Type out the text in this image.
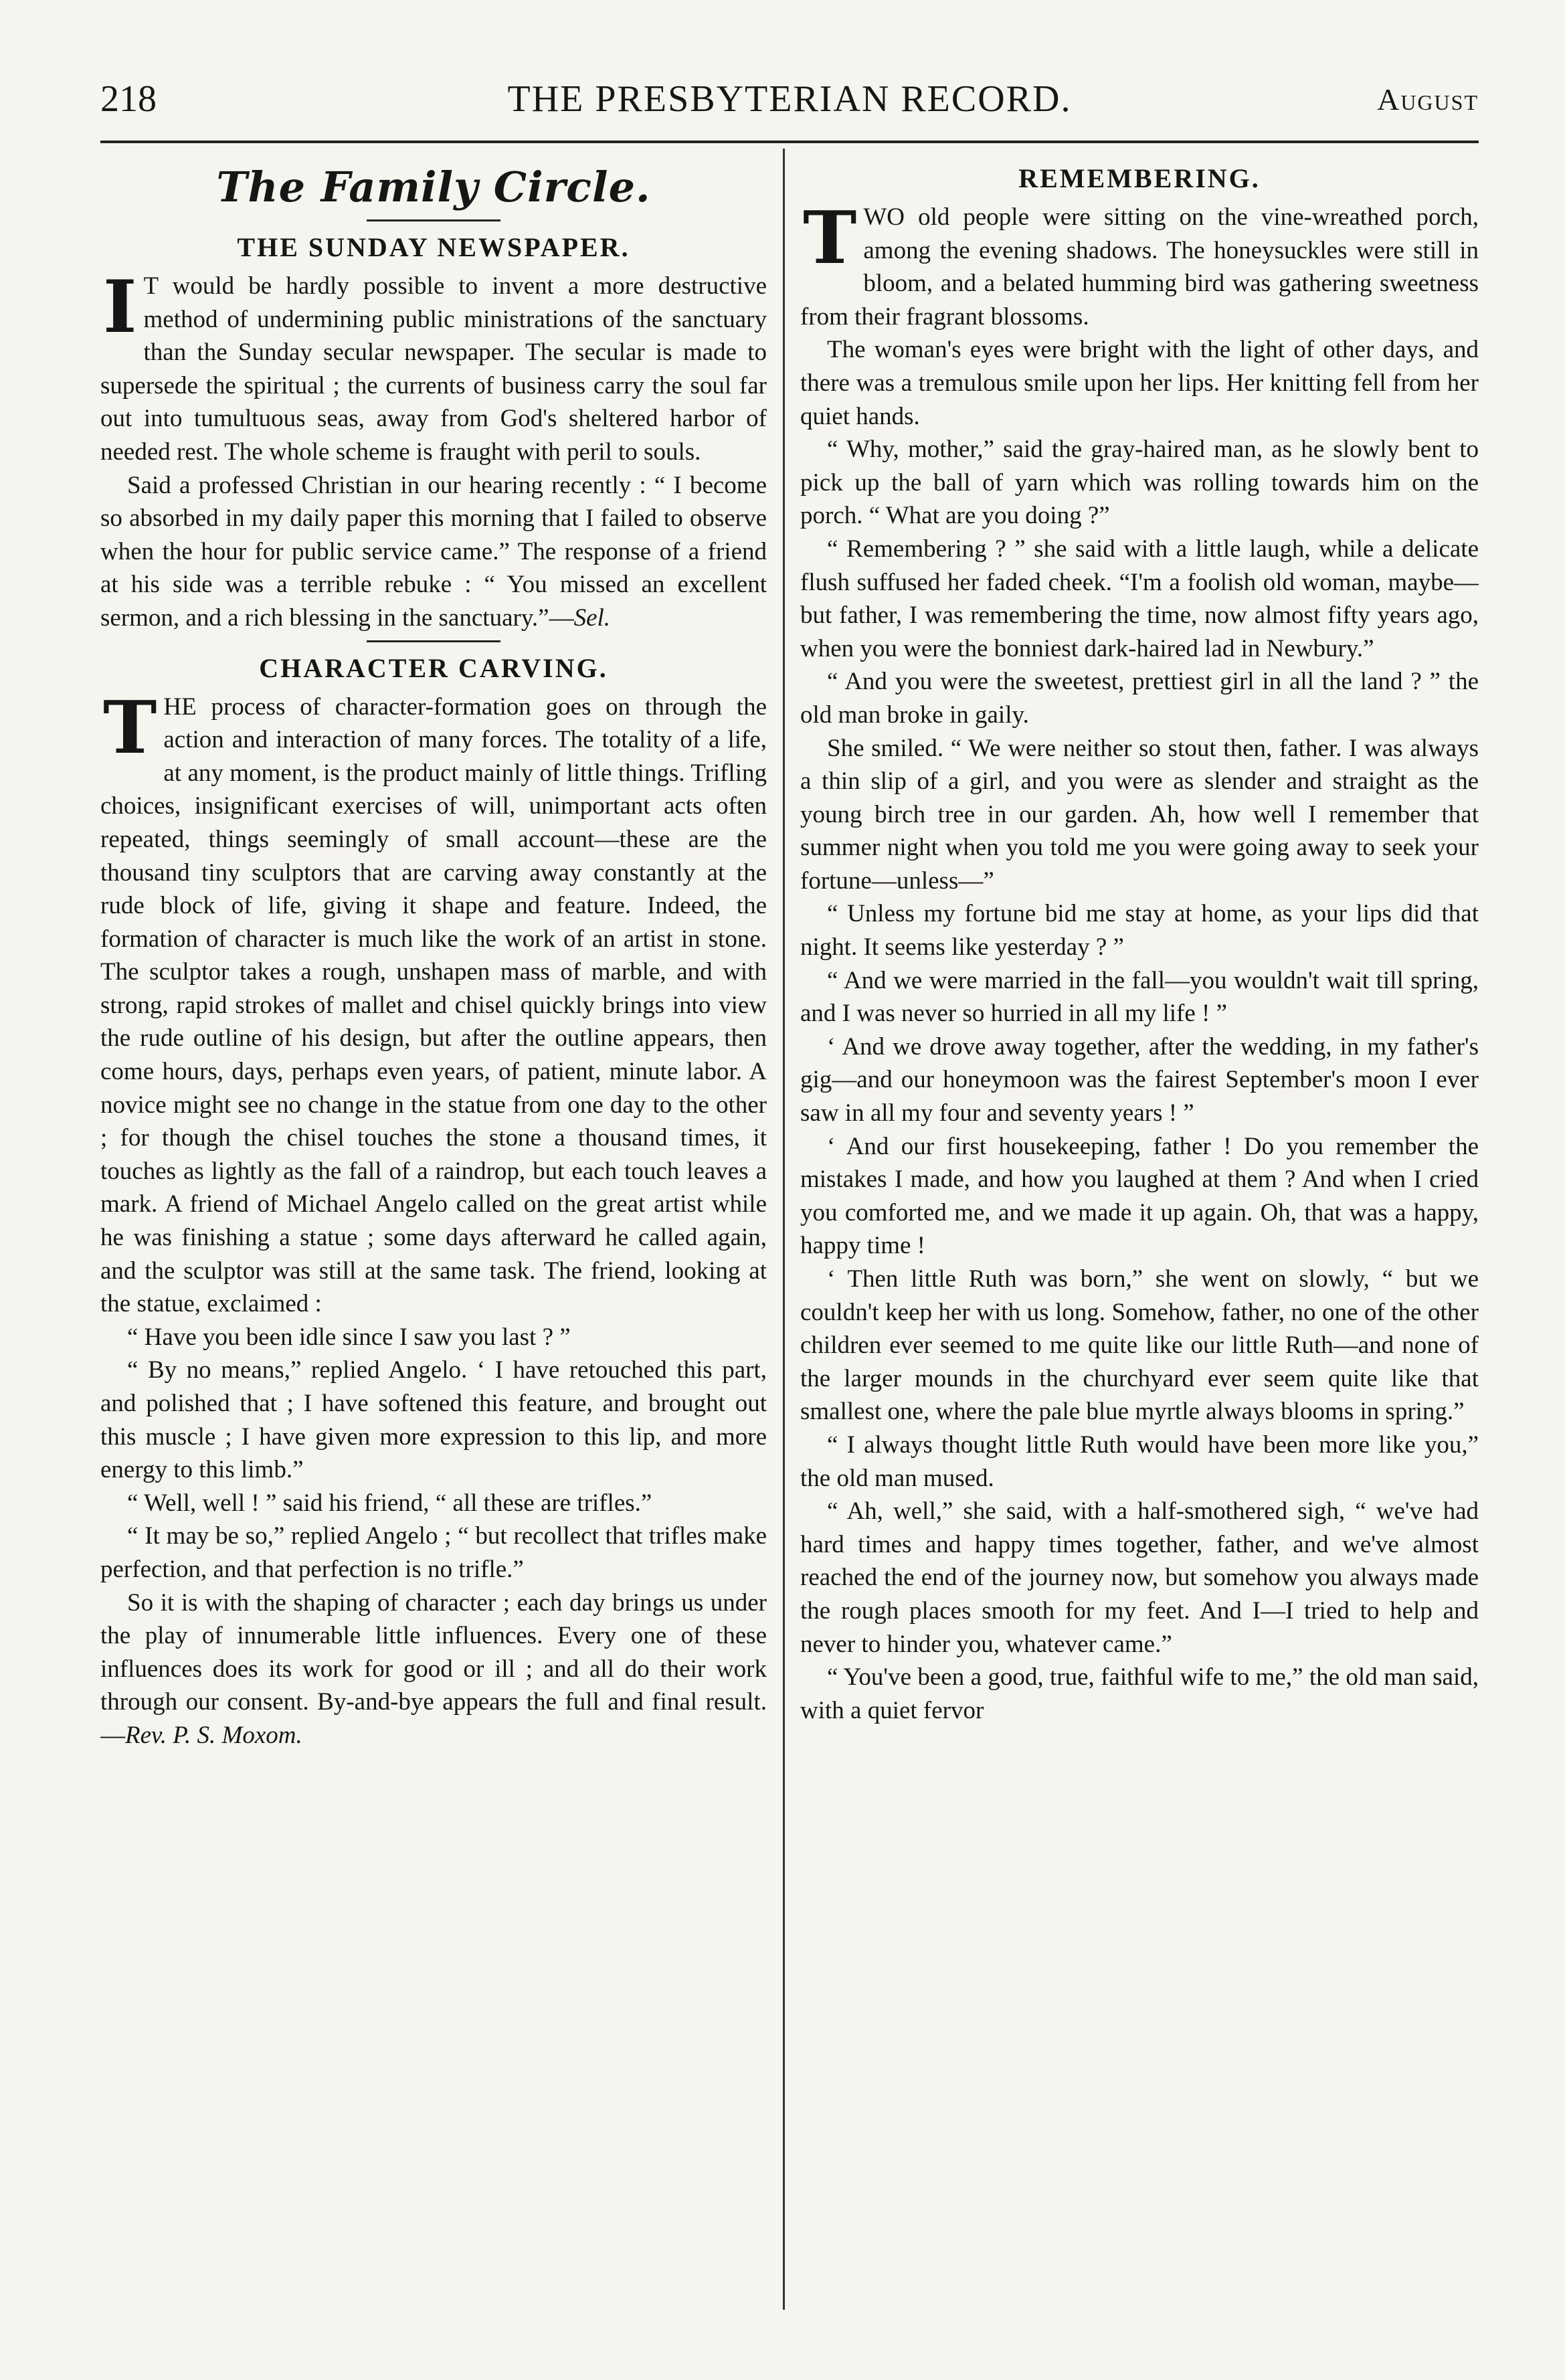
218	THE PRESBYTERIAN RECORD.	August
The Family Circle.
THE SUNDAY NEWSPAPER.

I T would be hardly possible to invent a more destructive method of undermining public ministrations of the sanctuary than the Sunday secular newspaper. The secular is made to supersede the spiritual ; the currents of business carry the soul far out into tumultuous seas, away from God's sheltered harbor of needed rest. The whole scheme is fraught with peril to souls.

Said a professed Christian in our hearing recently : “ I become so absorbed in my daily paper this morning that I failed to observe when the hour for public service came.” The response of a friend at his side was a terrible rebuke : “ You missed an excellent sermon, and a rich blessing in the sanctuary.”—Sel.

CHARACTER CARVING.

THE process of character-formation goes on through the action and interaction of many forces. The totality of a life, at any moment, is the product mainly of little things. Trifling choices, insignificant exercises of will, unimportant acts often repeated, things seemingly of small account—these are the thousand tiny sculptors that are carving away constantly at the rude block of life, giving it shape and feature. Indeed, the formation of character is much like the work of an artist in stone. The sculptor takes a rough, unshapen mass of marble, and with strong, rapid strokes of mallet and chisel quickly brings into view the rude outline of his design, but after the outline appears, then come hours, days, perhaps even years, of patient, minute labor. A novice might see no change in the statue from one day to the other ; for though the chisel touches the stone a thousand times, it touches as lightly as the fall of a raindrop, but each touch leaves a mark. A friend of Michael Angelo called on the great artist while he was finishing a statue ; some days afterward he called again, and the sculptor was still at the same task. The friend, looking at the statue, exclaimed :

“ Have you been idle since I saw you last ? ”

“ By no means,” replied Angelo. ‘ I have retouched this part, and polished that ; I have softened this feature, and brought out this muscle ; I have given more expression to this lip, and more energy to this limb.”

“ Well, well ! ” said his friend, “ all these are trifles.”

“ It may be so,” replied Angelo ; “ but recollect that trifles make perfection, and that perfection is no trifle.”

So it is with the shaping of character ; each day brings us under the play of innumerable little influences. Every one of these influences does its work for good or ill ; and all do their work through our consent. By-and-bye appears the full and final result.—Rev. P. S. Moxom.

REMEMBERING.

TWO old people were sitting on the vine-wreathed porch, among the evening shadows. The honeysuckles were still in bloom, and a belated humming bird was gathering sweetness from their fragrant blossoms.

The woman's eyes were bright with the light of other days, and there was a tremulous smile upon her lips. Her knitting fell from her quiet hands.

“ Why, mother,” said the gray-haired man, as he slowly bent to pick up the ball of yarn which was rolling towards him on the porch. “ What are you doing ?”

“ Remembering ? ” she said with a little laugh, while a delicate flush suffused her faded cheek. “I'm a foolish old woman, maybe—but father, I was remembering the time, now almost fifty years ago, when you were the bonniest dark-haired lad in Newbury.”

“ And you were the sweetest, prettiest girl in all the land ? ” the old man broke in gaily.

She smiled. “ We were neither so stout then, father. I was always a thin slip of a girl, and you were as slender and straight as the young birch tree in our garden. Ah, how well I remember that summer night when you told me you were going away to seek your fortune—unless—”

“ Unless my fortune bid me stay at home, as your lips did that night. It seems like yesterday ? ”

“ And we were married in the fall—you wouldn't wait till spring, and I was never so hurried in all my life ! ”

‘ And we drove away together, after the wedding, in my father's gig—and our honeymoon was the fairest September's moon I ever saw in all my four and seventy years ! ”

‘ And our first housekeeping, father ! Do you remember the mistakes I made, and how you laughed at them ? And when I cried you comforted me, and we made it up again. Oh, that was a happy, happy time !

‘ Then little Ruth was born,” she went on slowly, “ but we couldn't keep her with us long. Somehow, father, no one of the other children ever seemed to me quite like our little Ruth—and none of the larger mounds in the churchyard ever seem quite like that smallest one, where the pale blue myrtle always blooms in spring.”

“ I always thought little Ruth would have been more like you,” the old man mused.

“ Ah, well,” she said, with a half-smothered sigh, “ we've had hard times and happy times together, father, and we've almost reached the end of the journey now, but somehow you always made the rough places smooth for my feet. And I—I tried to help and never to hinder you, whatever came.”

“ You've been a good, true, faithful wife to me,” the old man said, with a quiet fervor
